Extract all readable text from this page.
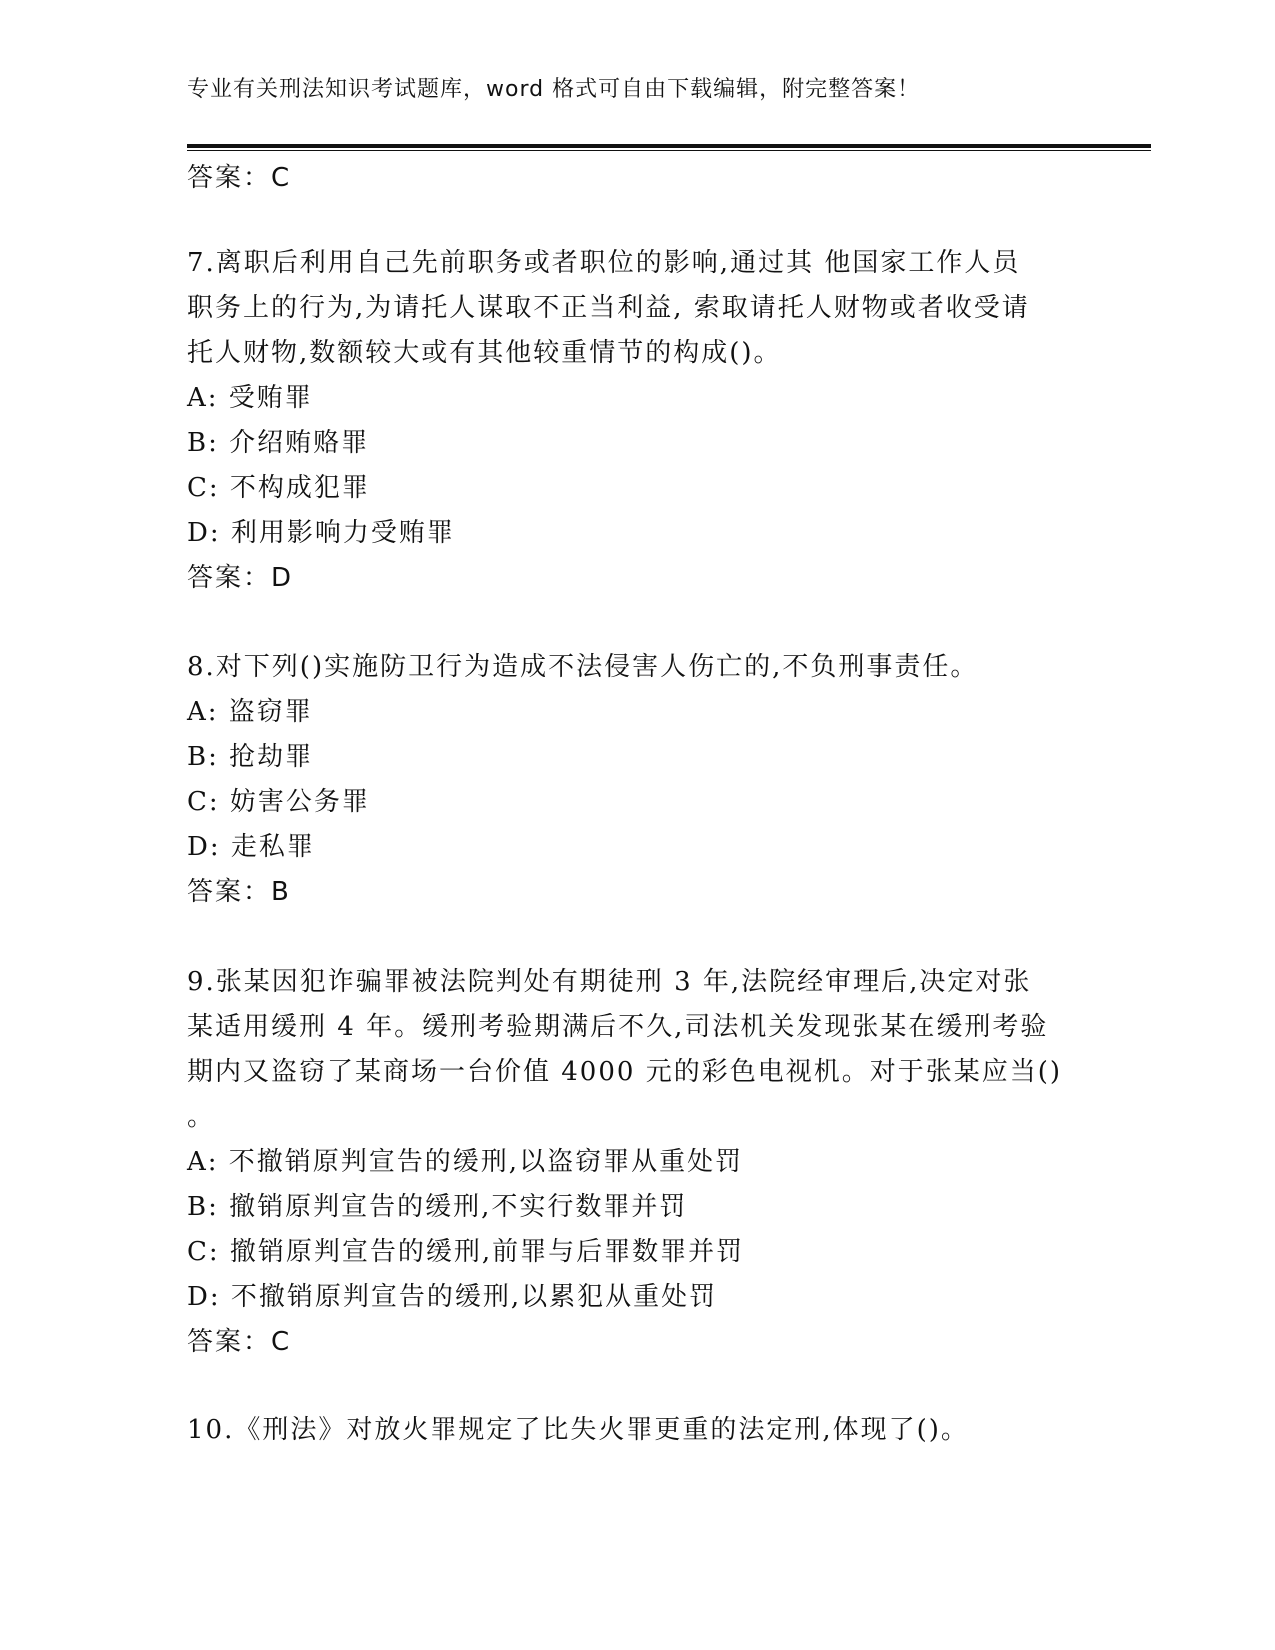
专业有关刑法知识考试题库，word 格式可自由下载编辑，附完整答案！
答案：C
7.离职后利用自己先前职务或者职位的影响,通过其 他国家工作人员
职务上的行为,为请托人谋取不正当利益, 索取请托人财物或者收受请
托人财物,数额较大或有其他较重情节的构成()。
A: 受贿罪
B: 介绍贿赂罪
C: 不构成犯罪
D: 利用影响力受贿罪
答案：D
8.对下列()实施防卫行为造成不法侵害人伤亡的,不负刑事责任。
A: 盗窃罪
B: 抢劫罪
C: 妨害公务罪
D: 走私罪
答案：B
9.张某因犯诈骗罪被法院判处有期徒刑 3 年,法院经审理后,决定对张
某适用缓刑 4 年。缓刑考验期满后不久,司法机关发现张某在缓刑考验
期内又盗窃了某商场一台价值 4000 元的彩色电视机。对于张某应当()
。
A: 不撤销原判宣告的缓刑,以盗窃罪从重处罚
B: 撤销原判宣告的缓刑,不实行数罪并罚
C: 撤销原判宣告的缓刑,前罪与后罪数罪并罚
D: 不撤销原判宣告的缓刑,以累犯从重处罚
答案：C
10.《刑法》对放火罪规定了比失火罪更重的法定刑,体现了()。
